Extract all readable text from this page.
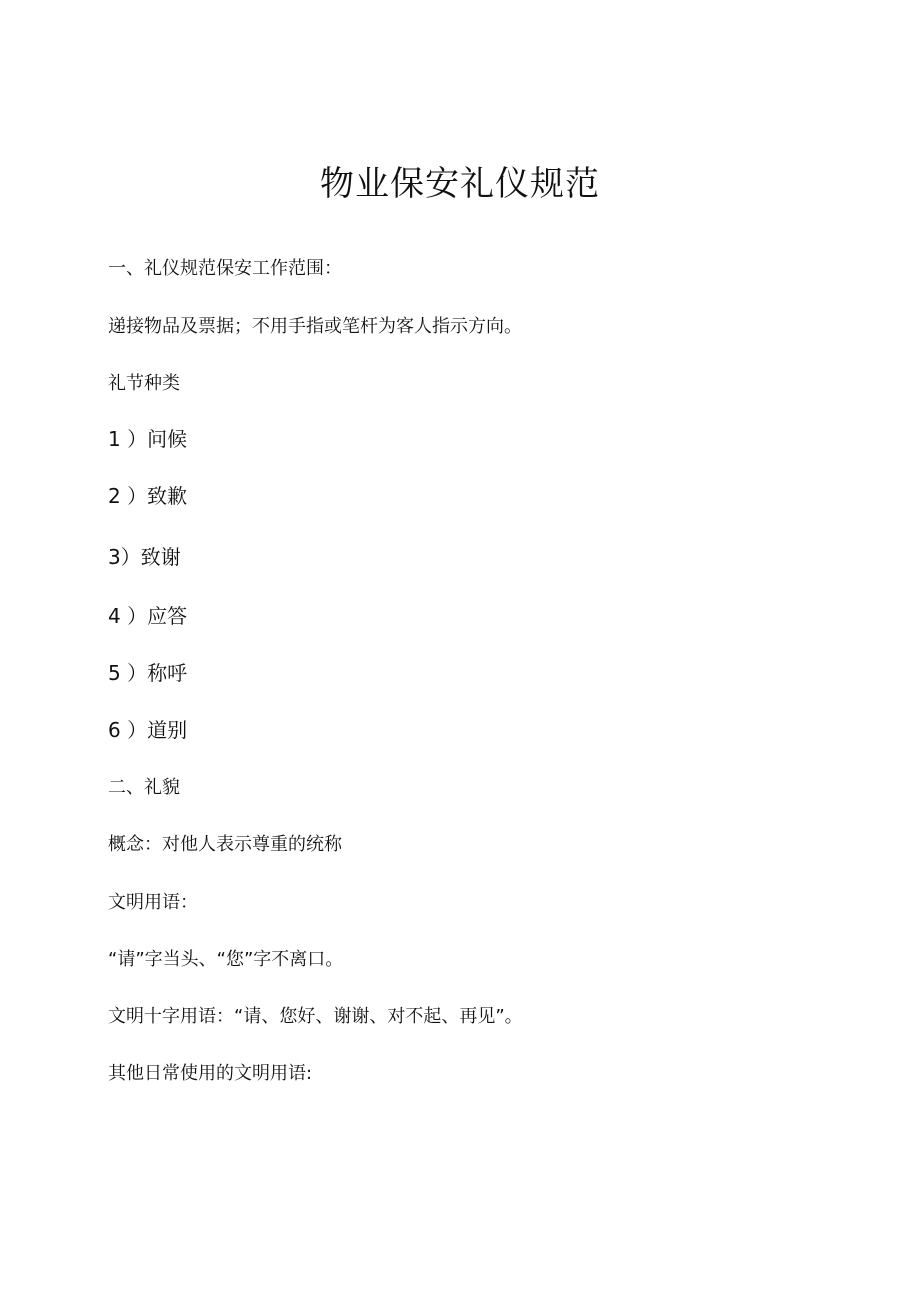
物业保安礼仪规范

一、礼仪规范保安工作范围：

递接物品及票据；不用手指或笔杆为客人指示方向。

礼节种类

1 ）问候

2 ）致歉

3）致谢

4 ）应答

5 ）称呼

6 ）道别

二、礼貌

概念：对他人表示尊重的统称

文明用语：

“请”字当头、“您”字不离口。

文明十字用语：“请、您好、谢谢、对不起、再见”。

其他日常使用的文明用语:
